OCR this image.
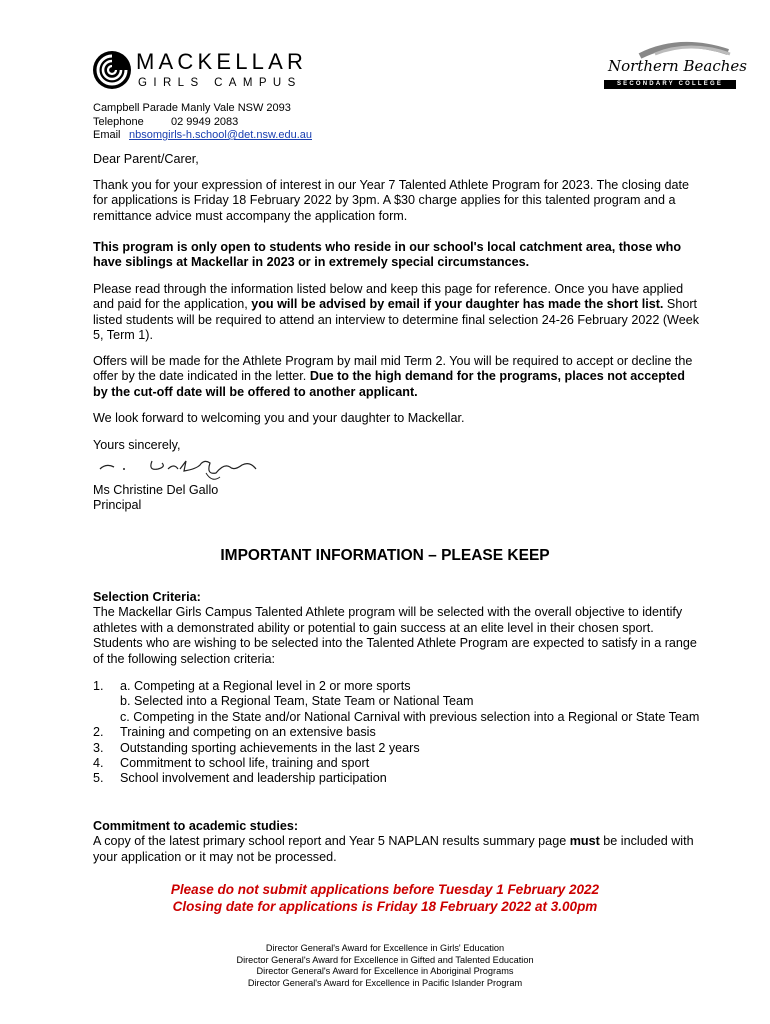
MACKELLAR
GIRLS CAMPUS
Northern Beaches
SECONDARY COLLEGE
Campbell Parade Manly Vale NSW 2093
Telephone 02 9949 2083
Email nbsomgirls-h.school@det.nsw.edu.au

Dear Parent/Carer,

Thank you for your expression of interest in our Year 7 Talented Athlete Program for 2023. The closing date for applications is Friday 18 February 2022 by 3pm. A $30 charge applies for this talented program and a remittance advice must accompany the application form.

This program is only open to students who reside in our school's local catchment area, those who have siblings at Mackellar in 2023 or in extremely special circumstances.

Please read through the information listed below and keep this page for reference. Once you have applied and paid for the application, you will be advised by email if your daughter has made the short list. Short listed students will be required to attend an interview to determine final selection 24-26 February 2022 (Week 5, Term 1).

Offers will be made for the Athlete Program by mail mid Term 2. You will be required to accept or decline the offer by the date indicated in the letter. Due to the high demand for the programs, places not accepted by the cut-off date will be offered to another applicant.

We look forward to welcoming you and your daughter to Mackellar.

Yours sincerely,

Ms Christine Del Gallo

Principal

IMPORTANT INFORMATION – PLEASE KEEP

Selection Criteria:

The Mackellar Girls Campus Talented Athlete program will be selected with the overall objective to identify athletes with a demonstrated ability or potential to gain success at an elite level in their chosen sport. Students who are wishing to be selected into the Talented Athlete Program are expected to satisfy in a range of the following selection criteria:

1.	a. Competing at a Regional level in 2 or more sports
b. Selected into a Regional Team, State Team or National Team
c. Competing in the State and/or National Carnival with previous selection into a Regional or State Team
2.	Training and competing on an extensive basis
3.	Outstanding sporting achievements in the last 2 years
4.	Commitment to school life, training and sport
5.	School involvement and leadership participation

Commitment to academic studies:

A copy of the latest primary school report and Year 5 NAPLAN results summary page must be included with your application or it may not be processed.

Please do not submit applications before Tuesday 1 February 2022
Closing date for applications is Friday 18 February 2022 at 3.00pm
Director General's Award for Excellence in Girls' Education
Director General's Award for Excellence in Gifted and Talented Education
Director General's Award for Excellence in Aboriginal Programs
Director General's Award for Excellence in Pacific Islander Program
